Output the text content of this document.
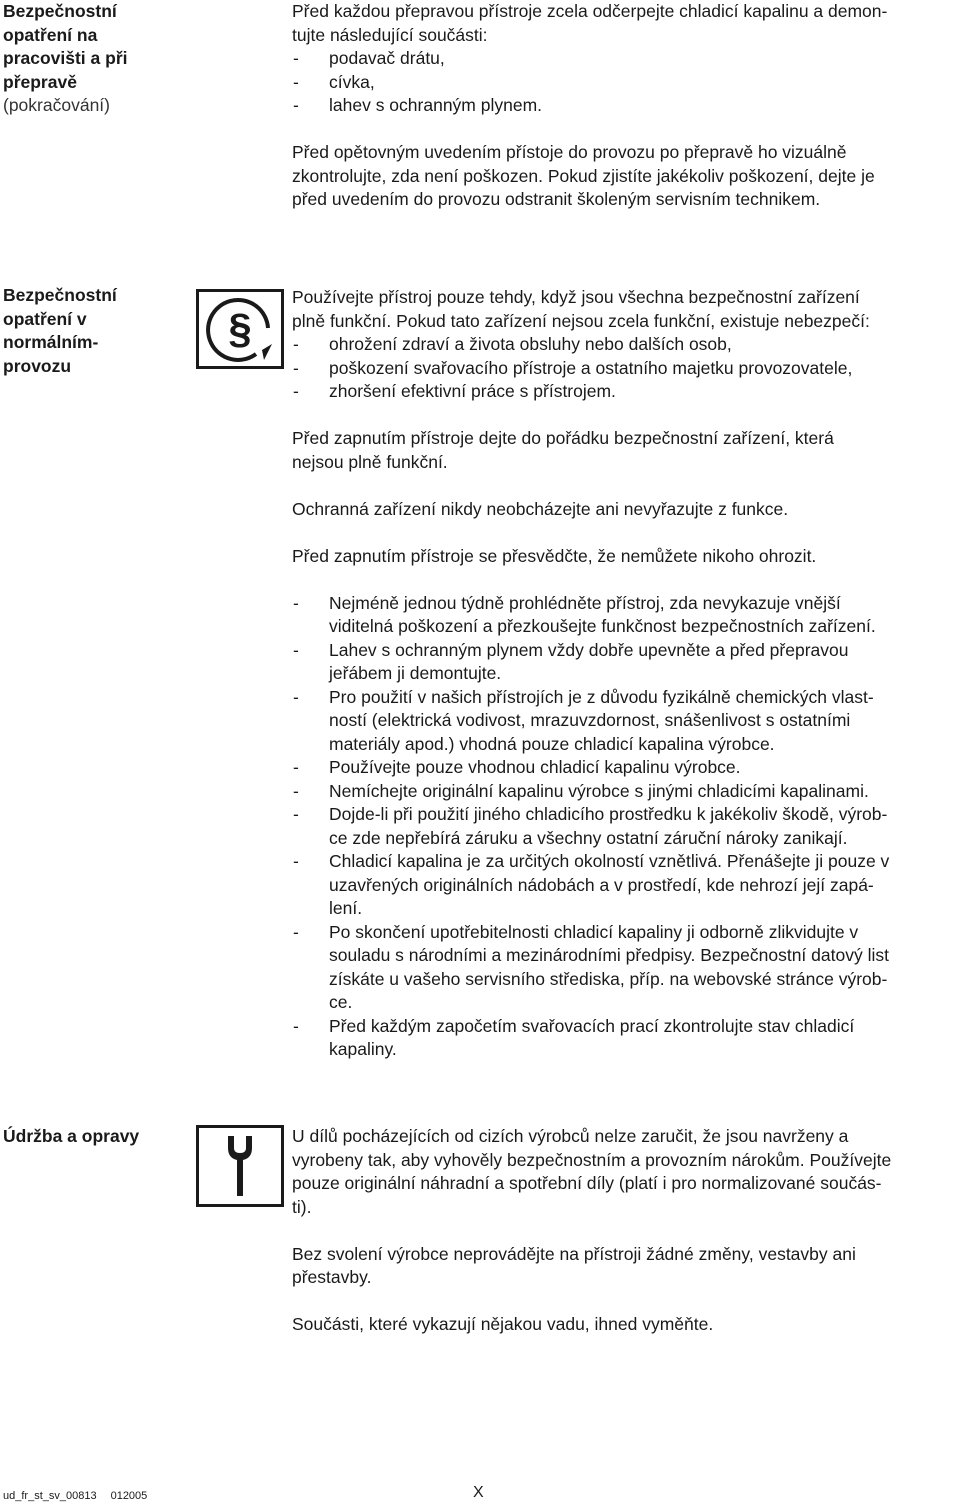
Bezpečnostní
opatření na
pracovišti a při
přepravě
(pokračování)

Před každou přepravou přístroje zcela odčerpejte chladicí kapalinu a demon-

tujte následující součásti:

-	podavač drátu,
-	cívka,
-	lahev s ochranným plynem.

Před opětovným uvedením přístoje do provozu po přepravě ho vizuálně

zkontrolujte, zda není poškozen. Pokud zjistíte jakékoliv poškození, dejte je

před uvedením do provozu odstranit školeným servisním technikem.

Bezpečnostní
opatření v
normálním-
provozu
§

Používejte přístroj pouze tehdy, když jsou všechna bezpečnostní zařízení

plně funkční. Pokud tato zařízení nejsou zcela funkční, existuje nebezpečí:

-	ohrožení zdraví a života obsluhy nebo dalších osob,
-	poškození svařovacího přístroje a ostatního majetku provozovatele,
-	zhoršení efektivní práce s přístrojem.

Před zapnutím přístroje dejte do pořádku bezpečnostní zařízení, která

nejsou plně funkční.

Ochranná zařízení nikdy neobcházejte ani nevyřazujte z funkce.

Před zapnutím přístroje se přesvědčte, že nemůžete nikoho ohrozit.

-	Nejméně jednou týdně prohlédněte přístroj, zda nevykazuje vnější
viditelná poškození a přezkoušejte funkčnost bezpečnostních zařízení.
-	Lahev s ochranným plynem vždy dobře upevněte a před přepravou
jeřábem ji demontujte.
-	Pro použití v našich přístrojích je z důvodu fyzikálně chemických vlast-
ností (elektrická vodivost, mrazuvzdornost, snášenlivost s ostatními
materiály apod.) vhodná pouze chladicí kapalina výrobce.
-	Používejte pouze vhodnou chladicí kapalinu výrobce.
-	Nemíchejte originální kapalinu výrobce s jinými chladicími kapalinami.
-	Dojde-li při použití jiného chladicího prostředku k jakékoliv škodě, výrob-
ce zde nepřebírá záruku a všechny ostatní záruční nároky zanikají.
-	Chladicí kapalina je za určitých okolností vznětlivá. Přenášejte ji pouze v
uzavřených originálních nádobách a v prostředí, kde nehrozí její zapá-
lení.
-	Po skončení upotřebitelnosti chladicí kapaliny ji odborně zlikvidujte v
souladu s národními a mezinárodními předpisy. Bezpečnostní datový list
získáte u vašeho servisního střediska, příp. na webovské stránce výrob-
ce.
-	Před každým započetím svařovacích prací zkontrolujte stav chladicí
kapaliny.
Údržba a opravy	U dílů pocházejících od cizích výrobců nelze zaručit, že jsou navrženy a

vyrobeny tak, aby vyhověly bezpečnostním a provozním nárokům. Používejte

pouze originální náhradní a spotřební díly (platí i pro normalizované součás-

ti).

Bez svolení výrobce neprovádějte na přístroji žádné změny, vestavby ani

přestavby.

Součásti, které vykazují nějakou vadu, ihned vyměňte.

ud_fr_st_sv_00813 012005	X
